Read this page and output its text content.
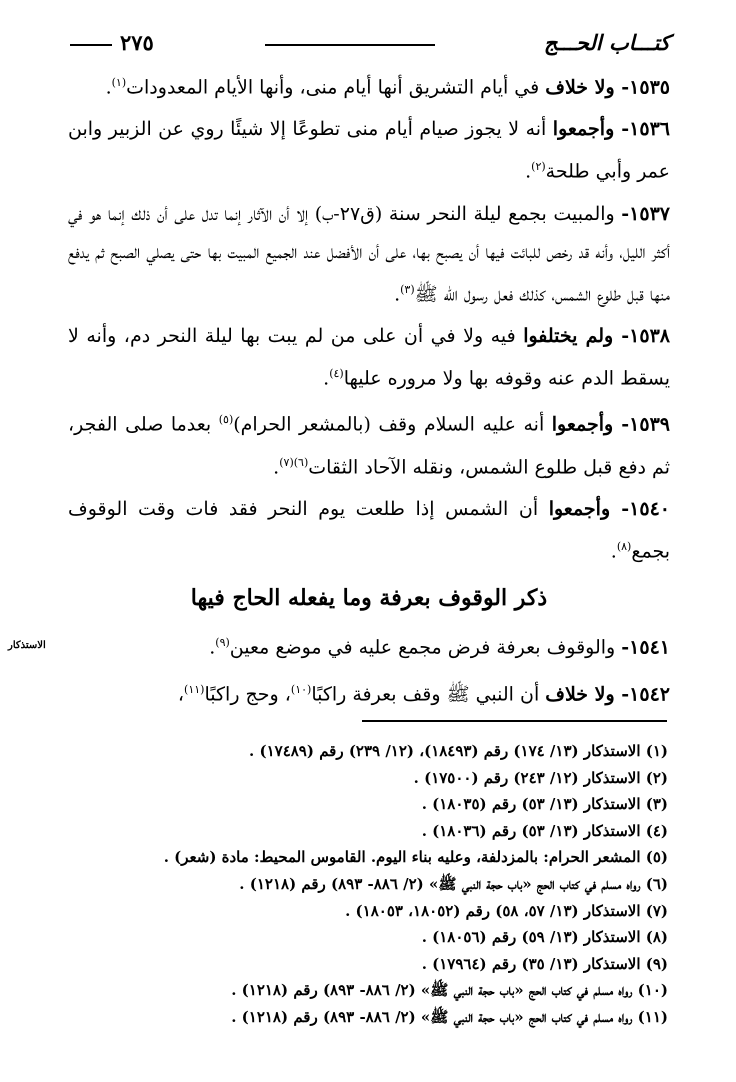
كتـــاب الحـــج
٢٧٥

١٥٣٥- ولا خلاف في أيام التشريق أنها أيام منى، وأنها الأيام المعدودات$^{(١)}$.

١٥٣٦- وأجمعوا أنه لا يجوز صيام أيام منى تطوعًا إلا شيئًا روي عن الزبير وابن عمر وأبي طلحة$^{(٢)}$.

١٥٣٧- والمبيت بجمع ليلة النحر سنة (ق٢٧-ب) إلا أن الآثار إنما تدل على أن ذلك إنما هو في أكثر الليل، وأنه قد رخص للبائت فيها أن يصبح بها، على أن الأفضل عند الجميع المبيت بها حتى يصلي الصبح ثم يدفع منها قبل طلوع الشمس، كذلك فعل رسول الله ﷺ$^{(٣)}$.

١٥٣٨- ولم يختلفوا فيه ولا في أن على من لم يبت بها ليلة النحر دم، وأنه لا يسقط الدم عنه وقوفه بها ولا مروره عليها$^{(٤)}$.

١٥٣٩- وأجمعوا أنه عليه السلام وقف (بالمشعر الحرام)$^{(٥)}$ بعدما صلى الفجر، ثم دفع قبل طلوع الشمس، ونقله الآحاد الثقات$^{(٦)(٧)}$.

١٥٤٠- وأجمعوا أن الشمس إذا طلعت يوم النحر فقد فات وقت الوقوف بجمع$^{(٨)}$.

ذكر الوقوف بعرفة وما يفعله الحاج فيها

١٥٤١- والوقوف بعرفة فرض مجمع عليه في موضع معين$^{(٩)}$.

١٥٤٢- ولا خلاف أن النبي ﷺ وقف بعرفة راكبًا$^{(١٠)}$، وحج راكبًا$^{(١١)}$،

الاستذكار
(١) الاستذكار (١٣/ ١٧٤) رقم (١٨٤٩٣)، (١٢/ ٢٣٩) رقم (١٧٤٨٩) .
(٢) الاستذكار (١٢/ ٢٤٣) رقم (١٧٥٠٠) .
(٣) الاستذكار (١٣/ ٥٣) رقم (١٨٠٣٥) .
(٤) الاستذكار (١٣/ ٥٣) رقم (١٨٠٣٦) .
(٥) المشعر الحرام: بالمزدلفة، وعليه بناء اليوم. القاموس المحيط: مادة (شعر) .
(٦) رواه مسلم في كتاب الحج «باب حجة النبي ﷺ» (٢/ ٨٨٦- ٨٩٣) رقم (١٢١٨) .
(٧) الاستذكار (١٣/ ٥٧، ٥٨) رقم (١٨٠٥٢، ١٨٠٥٣) .
(٨) الاستذكار (١٣/ ٥٩) رقم (١٨٠٥٦) .
(٩) الاستذكار (١٣/ ٣٥) رقم (١٧٩٦٤) .
(١٠) رواه مسلم في كتاب الحج «باب حجة النبي ﷺ» (٢/ ٨٨٦- ٨٩٣) رقم (١٢١٨) .
(١١) رواه مسلم في كتاب الحج «باب حجة النبي ﷺ» (٢/ ٨٨٦- ٨٩٣) رقم (١٢١٨) .
